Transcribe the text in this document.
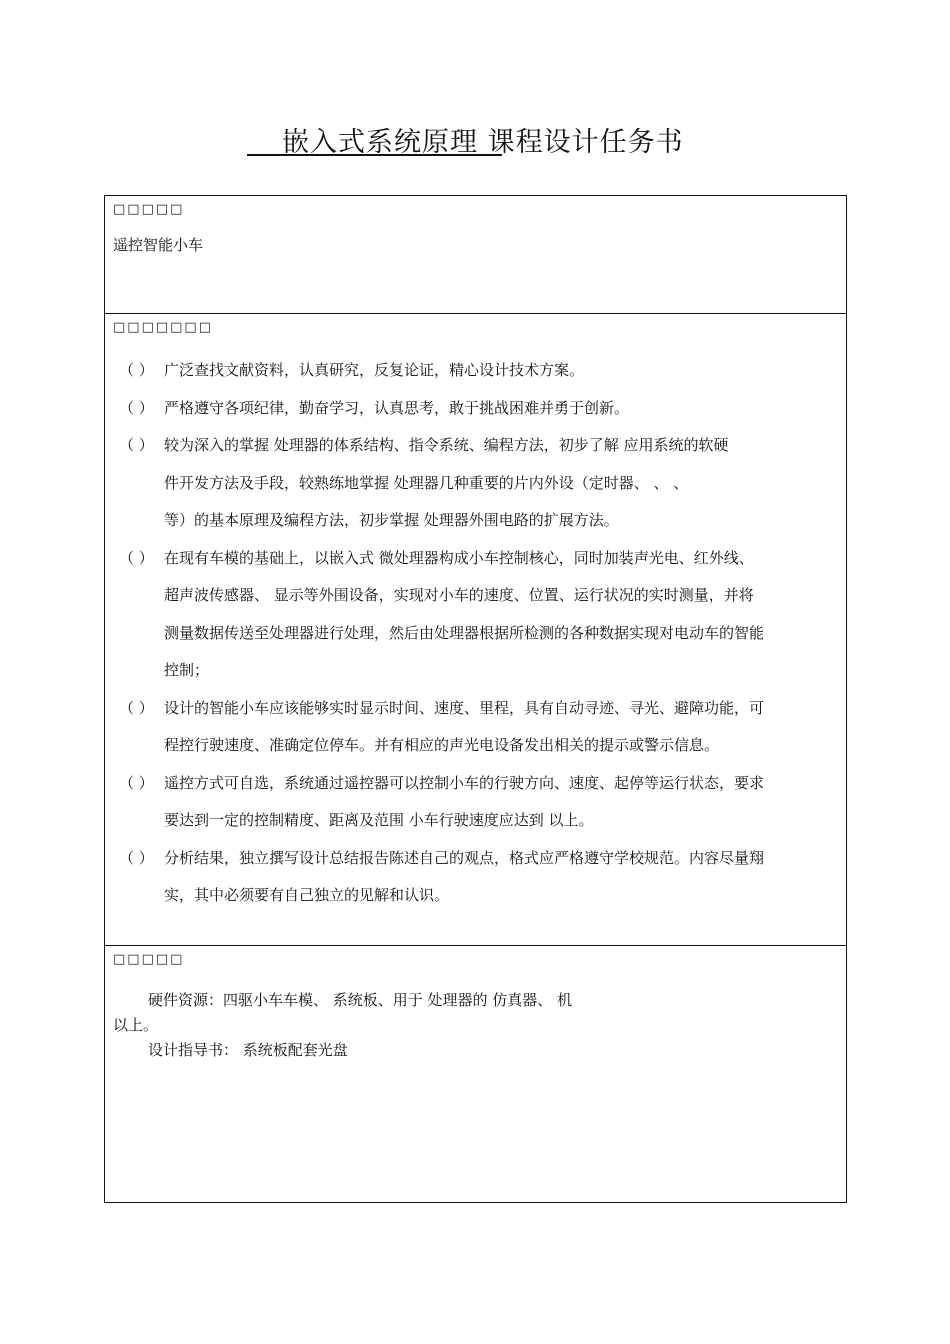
嵌入式系统原理 课程设计任务书
□□□□□
遥控智能小车
□□□□□□□
（ ） 广泛查找文献资料，认真研究，反复论证，精心设计技术方案。
（ ） 严格遵守各项纪律，勤奋学习，认真思考，敢于挑战困难并勇于创新。
（ ） 较为深入的掌握 处理器的体系结构、指令系统、编程方法，初步了解 应用系统的软硬
件开发方法及手段，较熟练地掌握 处理器几种重要的片内外设（定时器、 、 、
等）的基本原理及编程方法，初步掌握 处理器外围电路的扩展方法。
（ ） 在现有车模的基础上，以嵌入式 微处理器构成小车控制核心，同时加装声光电、红外线、
超声波传感器、 显示等外围设备，实现对小车的速度、位置、运行状况的实时测量，并将
测量数据传送至处理器进行处理，然后由处理器根据所检测的各种数据实现对电动车的智能
控制；
（ ） 设计的智能小车应该能够实时显示时间、速度、里程，具有自动寻迹、寻光、避障功能，可
程控行驶速度、准确定位停车。并有相应的声光电设备发出相关的提示或警示信息。
（ ） 遥控方式可自选，系统通过遥控器可以控制小车的行驶方向、速度、起停等运行状态，要求
要达到一定的控制精度、距离及范围 小车行驶速度应达到 以上。
（ ） 分析结果，独立撰写设计总结报告陈述自己的观点，格式应严格遵守学校规范。内容尽量翔
实，其中必须要有自己独立的见解和认识。
□□□□□
硬件资源：四驱小车车模、 系统板、用于 处理器的 仿真器、 机
以上。
设计指导书： 系统板配套光盘
